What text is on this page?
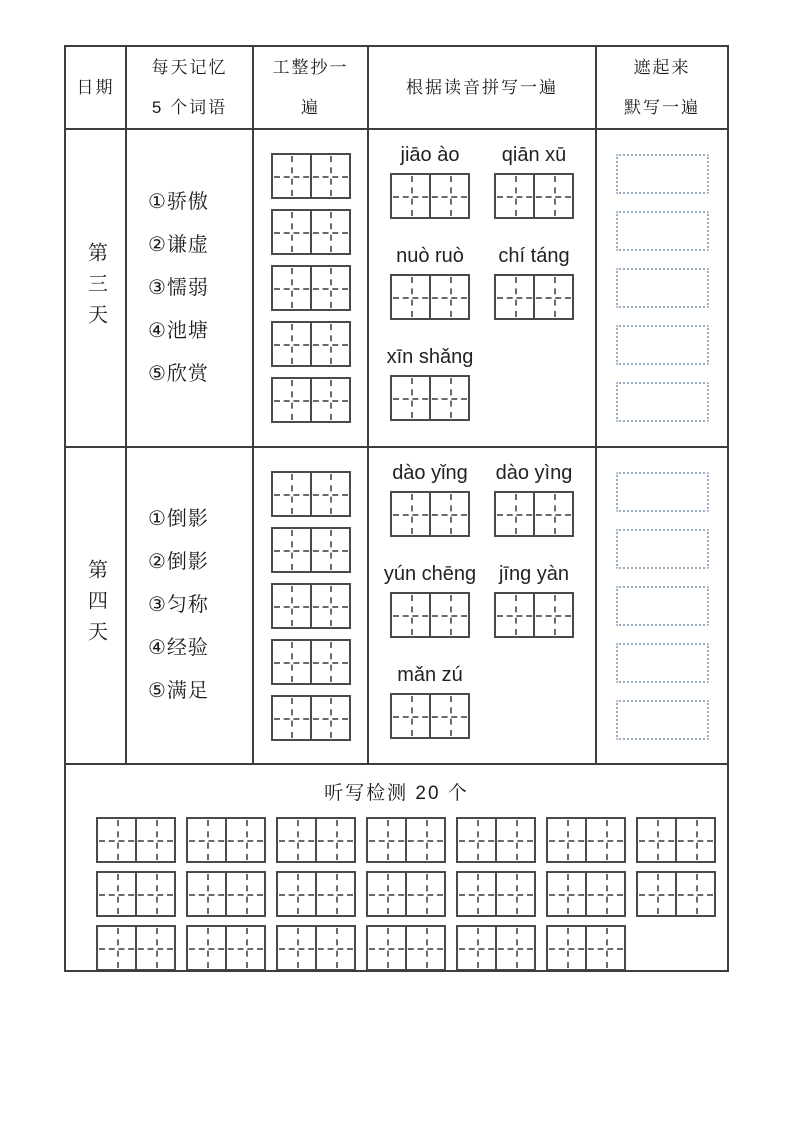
日期
每天记忆
5 个词语
工整抄一
遍
根据读音拼写一遍
遮起来
默写一遍
第三天
①骄傲
②谦虚
③懦弱
④池塘
⑤欣赏
jiāo ào qiān xū
nuò ruò chí táng
xīn shǎng
第四天
①倒影
②倒影
③匀称
④经验
⑤满足
dào yǐng dào yìng
yún chēng jīng yàn
mǎn zú
听写检测 20 个
